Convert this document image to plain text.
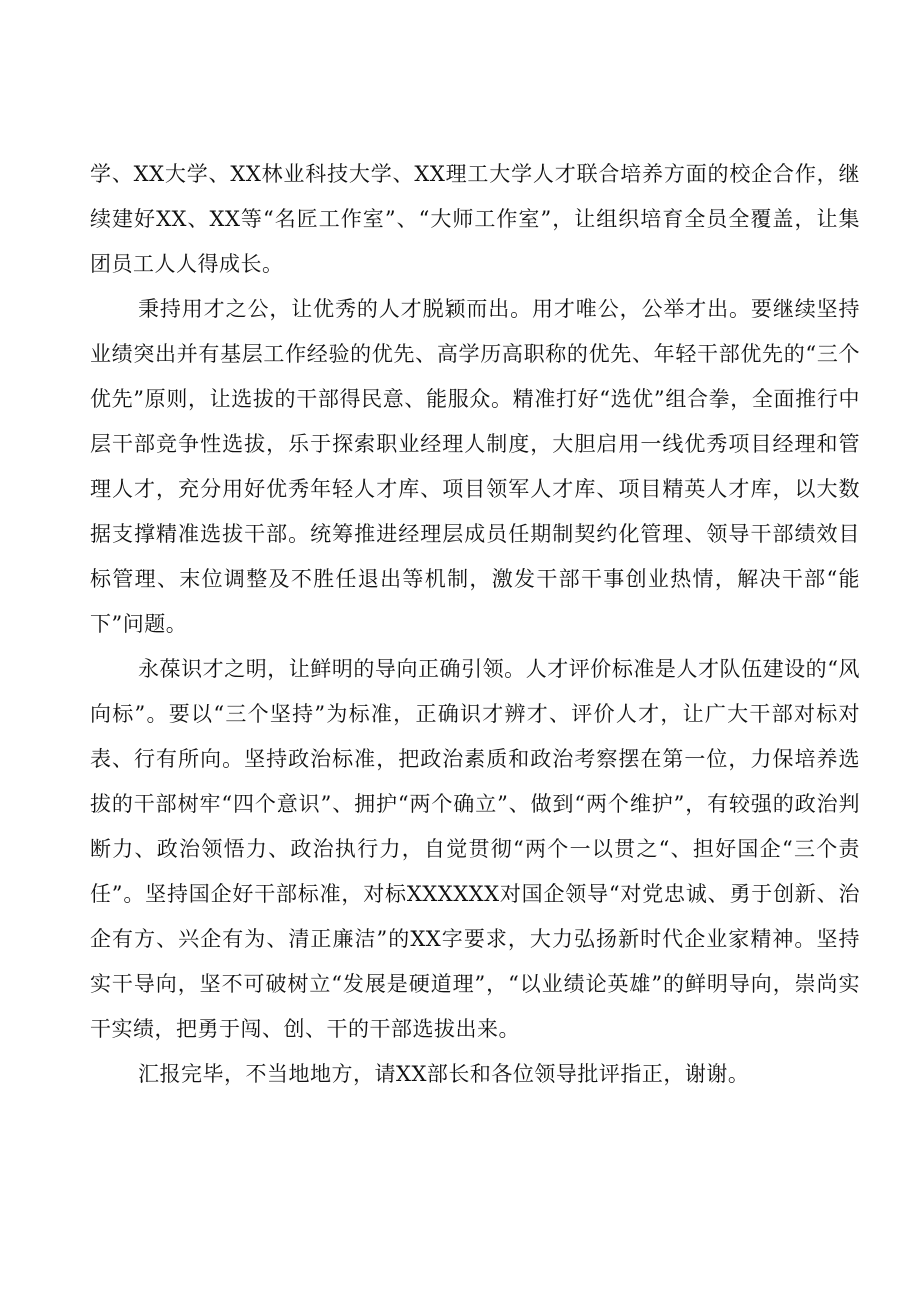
学、XX大学、XX林业科技大学、XX理工大学人才联合培养方面的校企合作，继续建好XX、XX等“名匠工作室”、“大师工作室”，让组织培育全员全覆盖，让集团员工人人得成长。

秉持用才之公，让优秀的人才脱颖而出。用才唯公，公举才出。要继续坚持业绩突出并有基层工作经验的优先、高学历高职称的优先、年轻干部优先的“三个优先”原则，让选拔的干部得民意、能服众。精准打好“选优”组合拳，全面推行中层干部竞争性选拔，乐于探索职业经理人制度，大胆启用一线优秀项目经理和管理人才，充分用好优秀年轻人才库、项目领军人才库、项目精英人才库，以大数据支撑精准选拔干部。统筹推进经理层成员任期制契约化管理、领导干部绩效目标管理、末位调整及不胜任退出等机制，激发干部干事创业热情，解决干部“能下”问题。

永葆识才之明，让鲜明的导向正确引领。人才评价标准是人才队伍建设的“风向标”。要以“三个坚持”为标准，正确识才辨才、评价人才，让广大干部对标对表、行有所向。坚持政治标准，把政治素质和政治考察摆在第一位，力保培养选拔的干部树牢“四个意识”、拥护“两个确立”、做到“两个维护”，有较强的政治判断力、政治领悟力、政治执行力，自觉贯彻“两个一以贯之“、担好国企“三个责任”。坚持国企好干部标准，对标XXXXXX对国企领导“对党忠诚、勇于创新、治企有方、兴企有为、清正廉洁”的XX字要求，大力弘扬新时代企业家精神。坚持实干导向，坚不可破树立“发展是硬道理”，“以业绩论英雄”的鲜明导向，崇尚实干实绩，把勇于闯、创、干的干部选拔出来。

汇报完毕，不当地地方，请XX部长和各位领导批评指正，谢谢。
